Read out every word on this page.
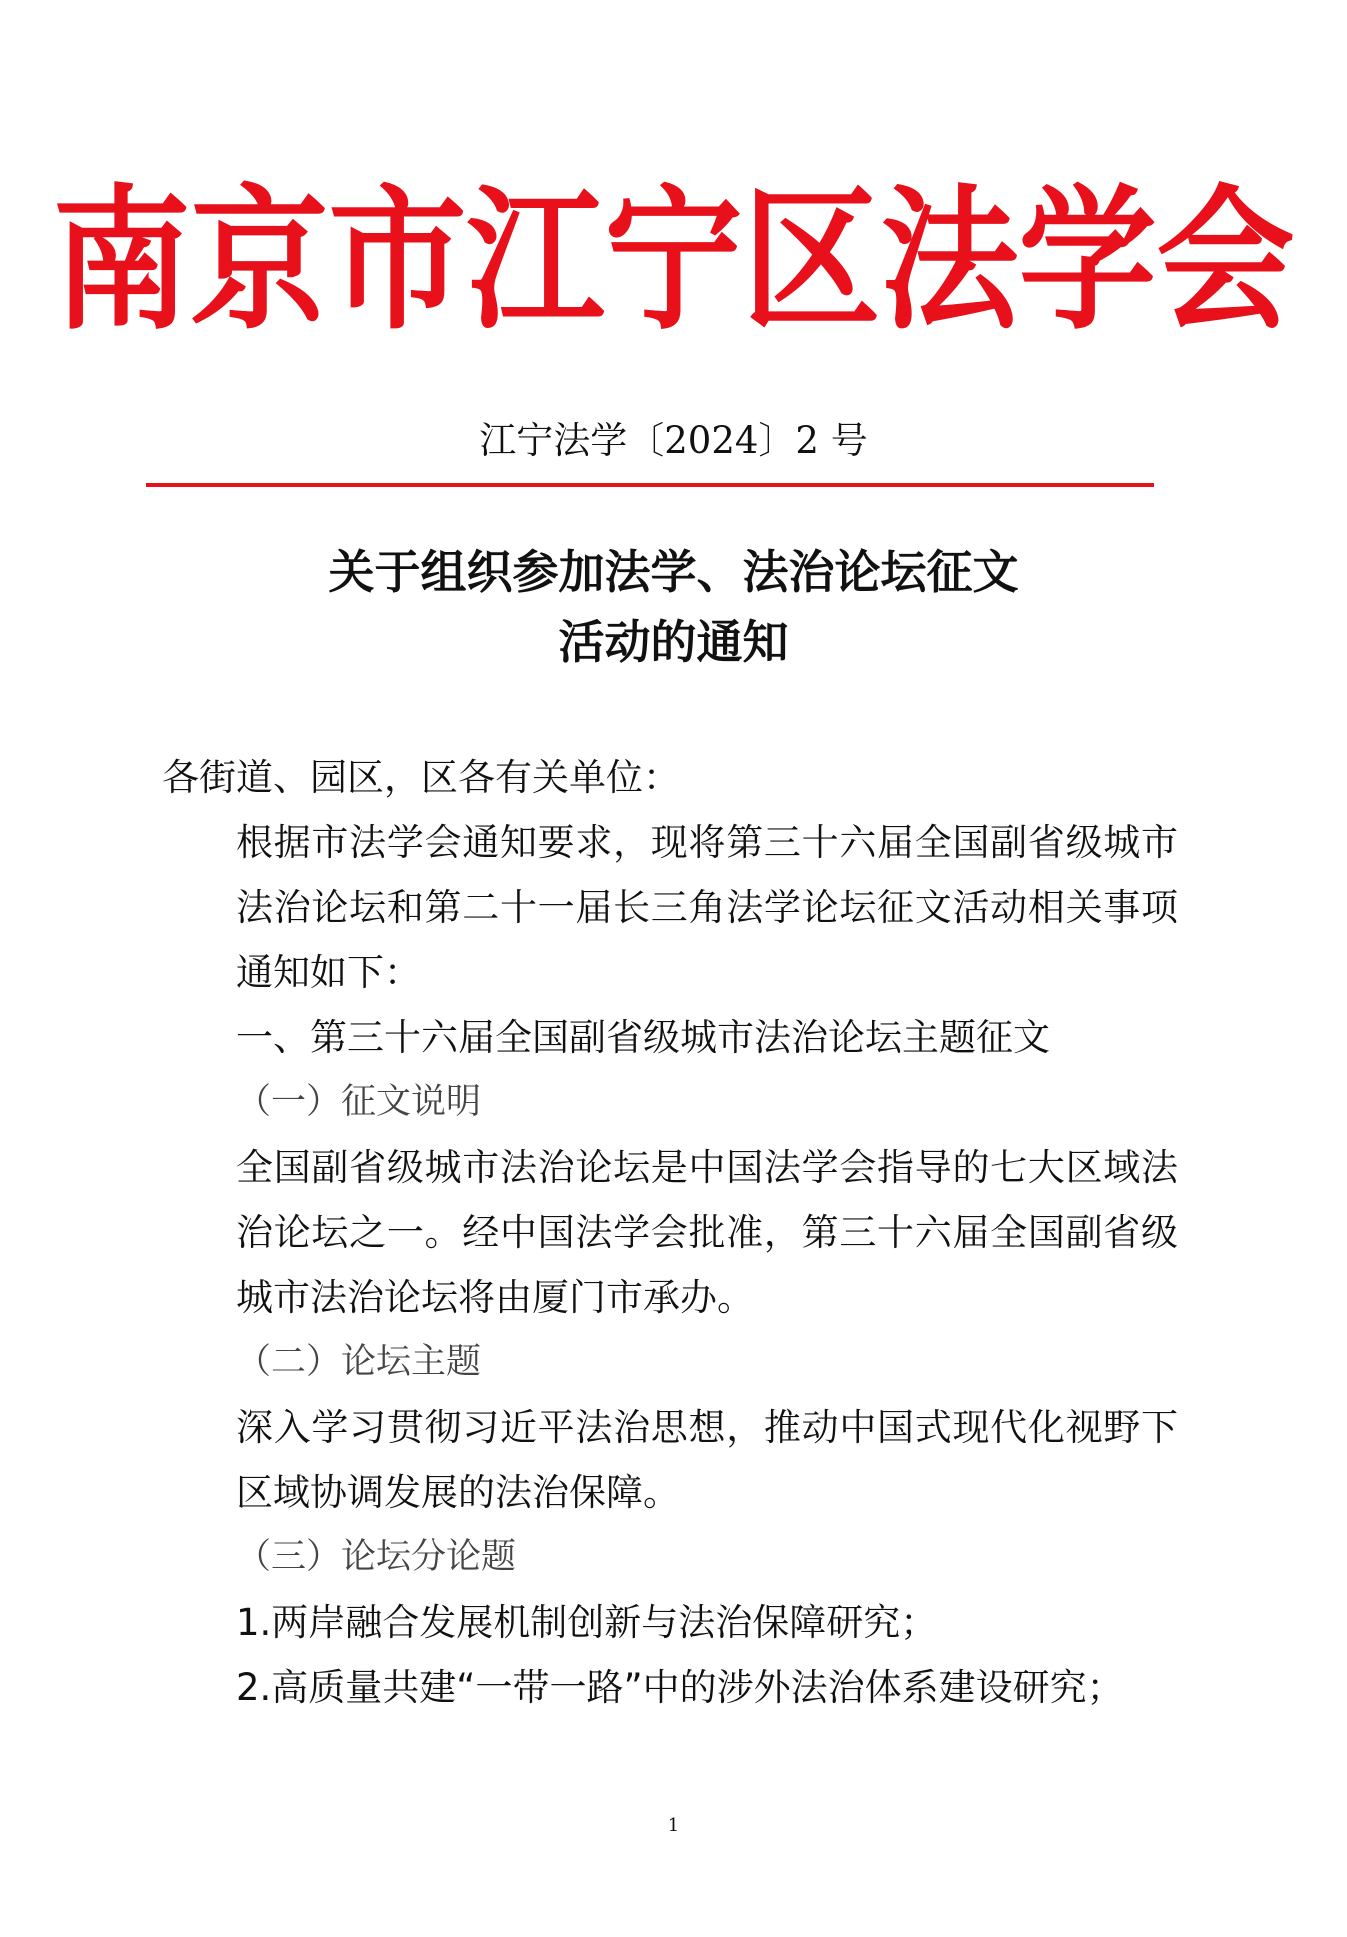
南京市江宁区法学会
江宁法学〔2024〕2 号
关于组织参加法学、法治论坛征文
活动的通知

各街道、园区，区各有关单位：

根据市法学会通知要求，现将第三十六届全国副省级城市法治论坛和第二十一届长三角法学论坛征文活动相关事项通知如下：

一、第三十六届全国副省级城市法治论坛主题征文

（一）征文说明

全国副省级城市法治论坛是中国法学会指导的七大区域法治论坛之一。经中国法学会批准，第三十六届全国副省级城市法治论坛将由厦门市承办。

（二）论坛主题

深入学习贯彻习近平法治思想，推动中国式现代化视野下区域协调发展的法治保障。

（三）论坛分论题

1.两岸融合发展机制创新与法治保障研究；

2.高质量共建“一带一路”中的涉外法治体系建设研究；

1
